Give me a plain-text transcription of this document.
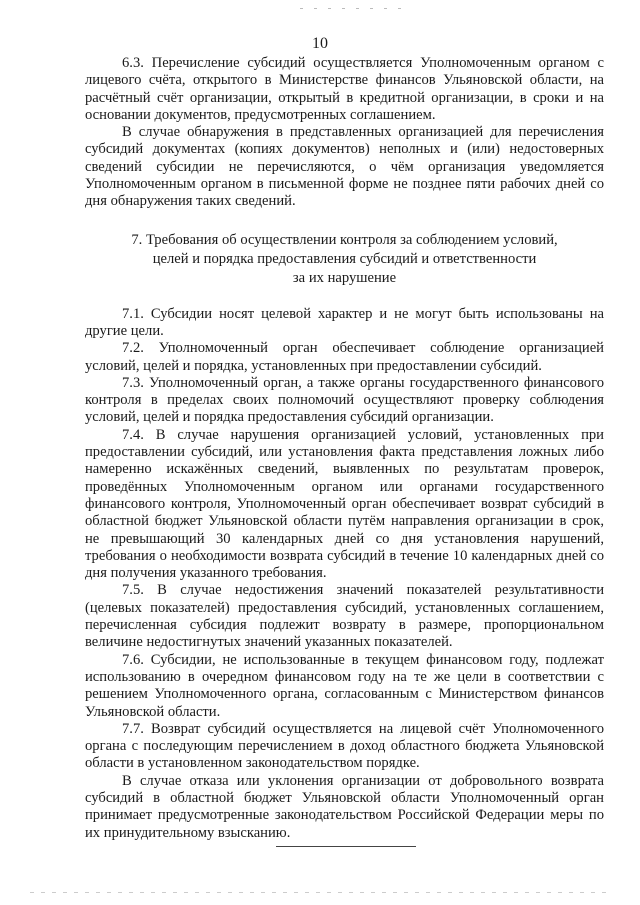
10

6.3. Перечисление субсидий осуществляется Уполномоченным органом с лицевого счёта, открытого в Министерстве финансов Ульяновской области, на расчётный счёт организации, открытый в кредитной организации, в сроки и на основании документов, предусмотренных соглашением.

В случае обнаружения в представленных организацией для перечисления субсидий документах (копиях документов) неполных и (или) недостоверных сведений субсидии не перечисляются, о чём организация уведомляется Уполномоченным органом в письменной форме не позднее пяти рабочих дней со дня обнаружения таких сведений.

7. Требования об осуществлении контроля за соблюдением условий,
целей и порядка предоставления субсидий и ответственности
за их нарушение

7.1. Субсидии носят целевой характер и не могут быть использованы на другие цели.

7.2. Уполномоченный орган обеспечивает соблюдение организацией условий, целей и порядка, установленных при предоставлении субсидий.

7.3. Уполномоченный орган, а также органы государственного финансового контроля в пределах своих полномочий осуществляют проверку соблюдения условий, целей и порядка предоставления субсидий организации.

7.4. В случае нарушения организацией условий, установленных при предоставлении субсидий, или установления факта представления ложных либо намеренно искажённых сведений, выявленных по результатам проверок, проведённых Уполномоченным органом или органами государственного финансового контроля, Уполномоченный орган обеспечивает возврат субсидий в областной бюджет Ульяновской области путём направления организации в срок, не превышающий 30 календарных дней со дня установления нарушений, требования о необходимости возврата субсидий в течение 10 календарных дней со дня получения указанного требования.

7.5. В случае недостижения значений показателей результативности (целевых показателей) предоставления субсидий, установленных соглашением, перечисленная субсидия подлежит возврату в размере, пропорциональном величине недостигнутых значений указанных показателей.

7.6. Субсидии, не использованные в текущем финансовом году, подлежат использованию в очередном финансовом году на те же цели в соответствии с решением Уполномоченного органа, согласованным с Министерством финансов Ульяновской области.

7.7. Возврат субсидий осуществляется на лицевой счёт Уполномоченного органа с последующим перечислением в доход областного бюджета Ульяновской области в установленном законодательством порядке.

В случае отказа или уклонения организации от добровольного возврата субсидий в областной бюджет Ульяновской области Уполномоченный орган принимает предусмотренные законодательством Российской Федерации меры по их принудительному взысканию.
